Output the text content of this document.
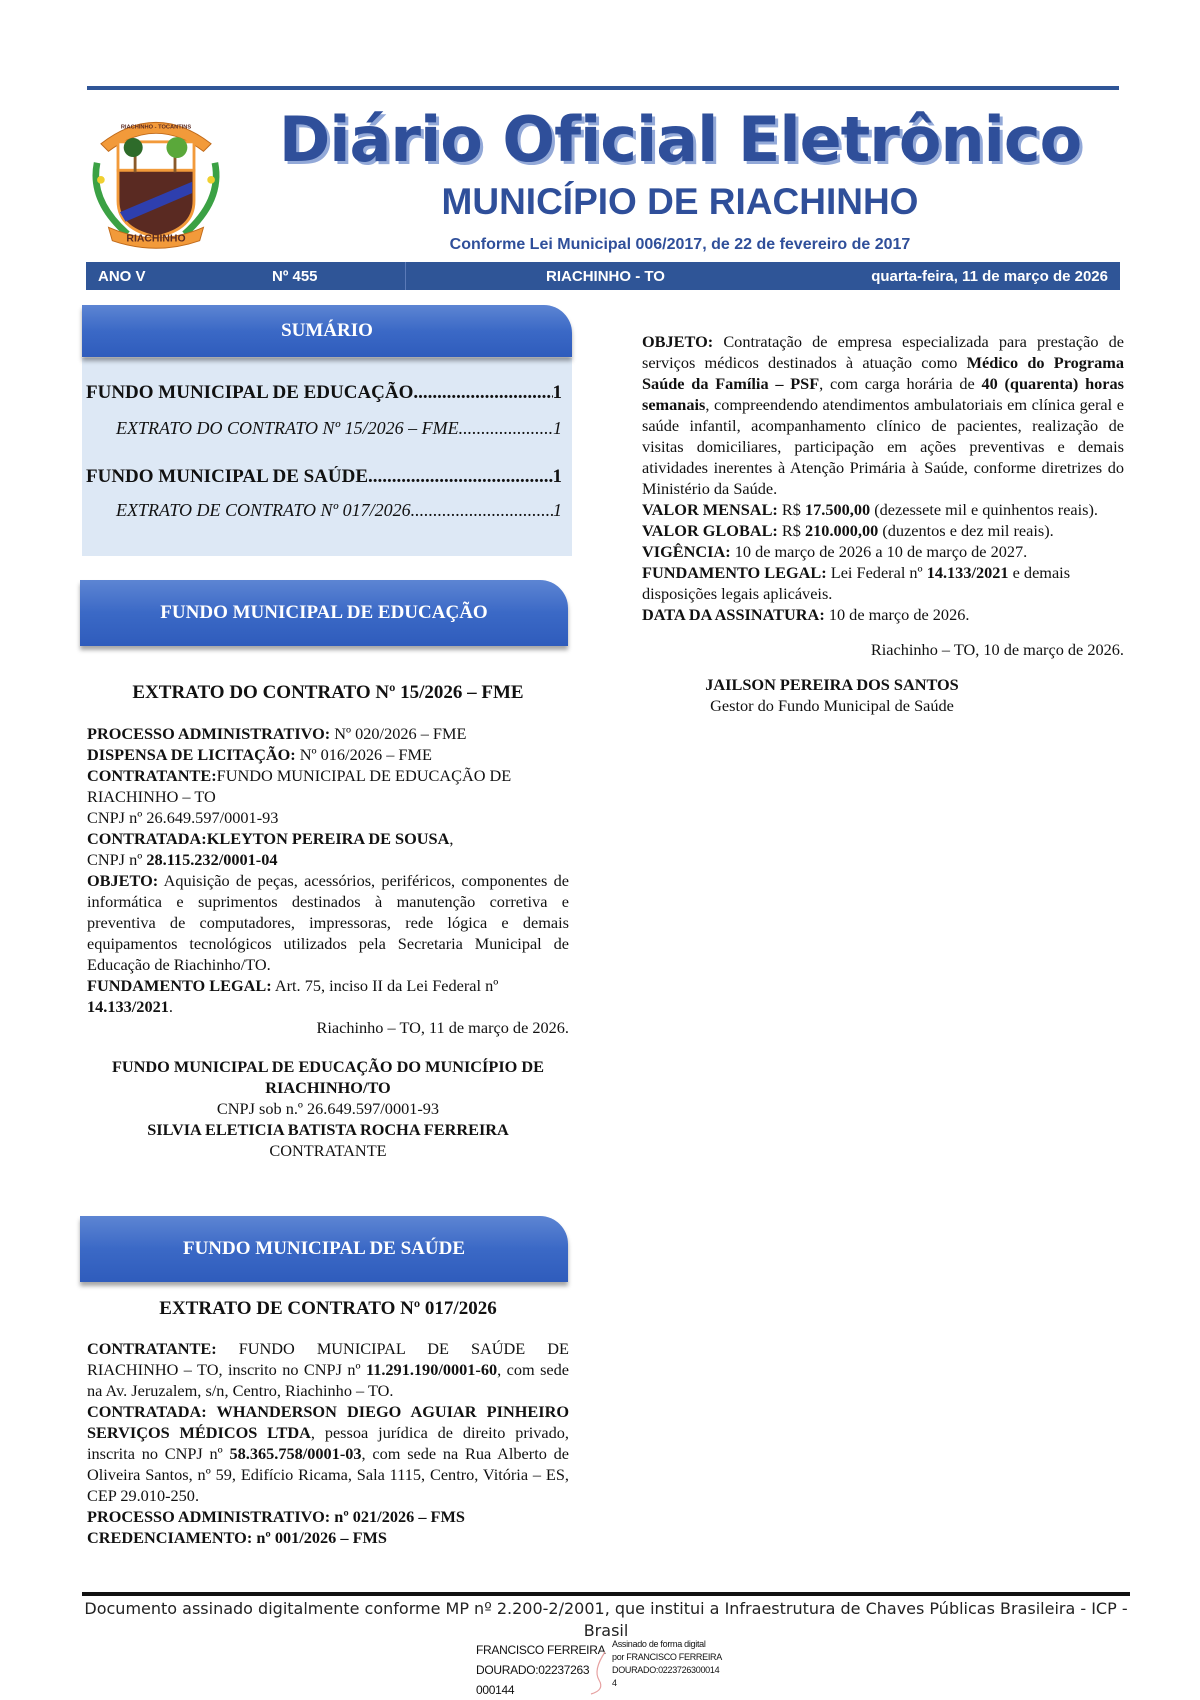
RIACHINHO
RIACHINHO - TOCANTINS	Diário Oficial Eletrônico
MUNICÍPIO DE RIACHINHO
Conforme Lei Municipal 006/2017, de 22 de fevereiro de 2017
ANO V	Nº 455	RIACHINHO - TO	quarta-feira, 11 de março de 2026
SUMÁRIO
FUNDO MUNICIPAL DE EDUCAÇÃO .....	1
EXTRATO DO CONTRATO Nº 15/2026 – FME .....	1
FUNDO MUNICIPAL DE SAÚDE .....	1
EXTRATO DE CONTRATO Nº 017/2026 .....	1
FUNDO MUNICIPAL DE EDUCAÇÃO
EXTRATO DO CONTRATO Nº 15/2026 – FME
PROCESSO ADMINISTRATIVO: Nº 020/2026 – FME
DISPENSA DE LICITAÇÃO: Nº 016/2026 – FME
CONTRATANTE:FUNDO MUNICIPAL DE EDUCAÇÃO DE RIACHINHO – TO
CNPJ nº 26.649.597/0001-93
CONTRATADA:KLEYTON PEREIRA DE SOUSA,
CNPJ nº 28.115.232/0001-04
OBJETO: Aquisição de peças, acessórios, periféricos, componentes de informática e suprimentos destinados à manutenção corretiva e preventiva de computadores, impressoras, rede lógica e demais equipamentos tecnológicos utilizados pela Secretaria Municipal de Educação de Riachinho/TO.
FUNDAMENTO LEGAL: Art. 75, inciso II da Lei Federal nº 14.133/2021.
Riachinho – TO, 11 de março de 2026.
FUNDO MUNICIPAL DE EDUCAÇÃO DO MUNICÍPIO DE RIACHINHO/TO
CNPJ sob n.º 26.649.597/0001-93
SILVIA ELETICIA BATISTA ROCHA FERREIRA
CONTRATANTE
FUNDO MUNICIPAL DE SAÚDE
EXTRATO DE CONTRATO Nº 017/2026
CONTRATANTE: FUNDO MUNICIPAL DE SAÚDE DE RIACHINHO – TO, inscrito no CNPJ nº 11.291.190/0001-60, com sede na Av. Jeruzalem, s/n, Centro, Riachinho – TO.
CONTRATADA: WHANDERSON DIEGO AGUIAR PINHEIRO SERVIÇOS MÉDICOS LTDA, pessoa jurídica de direito privado, inscrita no CNPJ nº 58.365.758/0001-03, com sede na Rua Alberto de Oliveira Santos, nº 59, Edifício Ricama, Sala 1115, Centro, Vitória – ES, CEP 29.010-250.
PROCESSO ADMINISTRATIVO: nº 021/2026 – FMS
CREDENCIAMENTO: nº 001/2026 – FMS
OBJETO: Contratação de empresa especializada para prestação de serviços médicos destinados à atuação como Médico do Programa Saúde da Família – PSF, com carga horária de 40 (quarenta) horas semanais, compreendendo atendimentos ambulatoriais em clínica geral e saúde infantil, acompanhamento clínico de pacientes, realização de visitas domiciliares, participação em ações preventivas e demais atividades inerentes à Atenção Primária à Saúde, conforme diretrizes do Ministério da Saúde.
VALOR MENSAL: R$ 17.500,00 (dezessete mil e quinhentos reais).
VALOR GLOBAL: R$ 210.000,00 (duzentos e dez mil reais).
VIGÊNCIA: 10 de março de 2026 a 10 de março de 2027.
FUNDAMENTO LEGAL: Lei Federal nº 14.133/2021 e demais disposições legais aplicáveis.
DATA DA ASSINATURA: 10 de março de 2026.
Riachinho – TO, 10 de março de 2026.
JAILSON PEREIRA DOS SANTOS
Gestor do Fundo Municipal de Saúde
Documento assinado digitalmente conforme MP nº 2.200-2/2001, que institui a Infraestrutura de Chaves Públicas Brasileira - ICP - Brasil
FRANCISCO FERREIRA
DOURADO:02237263
000144
Assinado de forma digital
por FRANCISCO FERREIRA
DOURADO:0223726300014
4
